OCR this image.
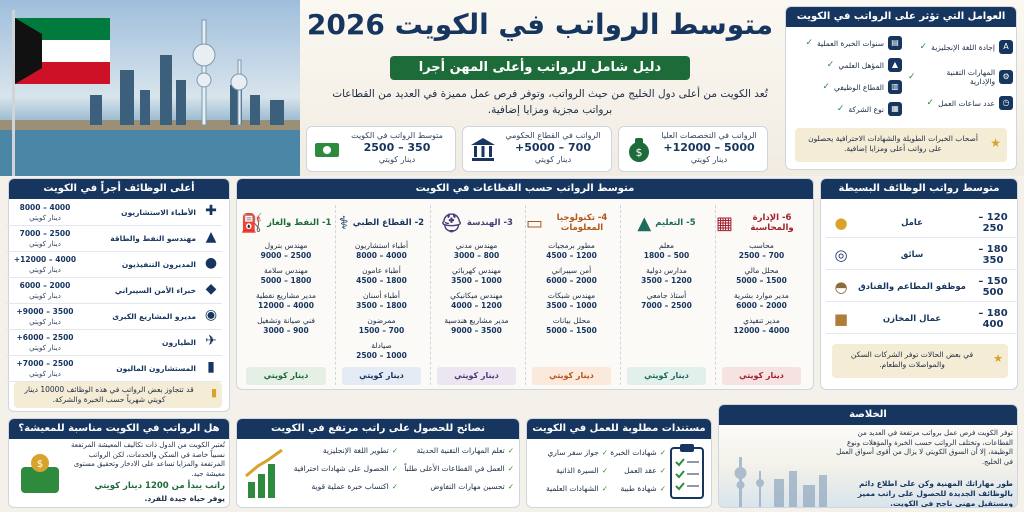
متوسط الرواتب في الكويت 2026
دليل شامل للرواتب وأعلى المهن أجرا
تُعد الكويت من أعلى دول الخليج من حيث الرواتب، وتوفر فرص عمل مميزة في العديد من القطاعات برواتب مجزية ومزايا إضافية.
$
الرواتب في التخصصات العليا
5000 – 12000+
دينار كويتي
الرواتب في القطاع الحكومي
700 – 5000+
دينار كويتي
متوسط الرواتب في الكويت
350 – 2500
دينار كويتي
العوامل التي تؤثر على الرواتب في الكويت
A
إجادة اللغة الإنجليزية
✓
⚙
المهارات التقنية والإدارية
✓
◷
عدد ساعات العمل
✓
▤
سنوات الخبرة العملية
✓
▲
المؤهل العلمي
✓
▥
القطاع الوظيفي
✓
▦
نوع الشركة
✓
أصحاب الخبرات الطويلة والشهادات الاحترافية يحصلون على رواتب أعلى ومزايا إضافية.	★
أعلى الوظائف أجراً في الكويت
✚
الأطباء الاستشاريون
4000 – 8000
دينار كويتي
▲
مهندسو النفط والطاقة
2500 – 7000
دينار كويتي
●
المديرون التنفيذيون
4000 – 12000+
دينار كويتي
◆
خبراء الأمن السيبراني
2000 – 6000
دينار كويتي
◉
مديرو المشاريع الكبرى
3500 – 9000+
دينار كويتي
✈
الطيارون
2500 – 6000+
دينار كويتي
▮
المستشارون الماليون
2500 – 7000+
دينار كويتي
قد تتجاوز بعض الرواتب في هذه الوظائف 10000 دينار كويتي شهرياً حسب الخبرة والشركة.
▮
متوسط الرواتب حسب القطاعات في الكويت
1- النفط والغاز
⛽
مهندس بترول
2500 – 9000
مهندس سلامة
1800 – 5000
مدير مشاريع نفطية
4000 – 12000
فني صيانة وتشغيل
900 – 3000
دينار كويتي
2- القطاع الطبي
⚕
أطباء استشاريون
4000 – 8000
أطباء عامون
1800 – 4500
أطباء أسنان
1800 – 3500
ممرضون
700 – 1500
صيادلة
1000 – 2500
دينار كويتي
3- الهندسة
⛑
مهندس مدني
800 – 3000
مهندس كهربائي
1000 – 3500
مهندس ميكانيكي
1200 – 4000
مدير مشاريع هندسية
3500 – 9000
دينار كويتي
4- تكنولوجيا المعلومات
▭
مطور برمجيات
1200 – 4500
أمن سيبراني
2000 – 6000
مهندس شبكات
1000 – 3500
محلل بيانات
1500 – 5000
دينار كويتي
5- التعليم
▲
معلم
500 – 1800
مدارس دولية
1200 – 3500
أستاذ جامعي
2500 – 7000
دينار كويتي
6- الإدارة والمحاسبة
▦
محاسب
700 – 2500
محلل مالي
1500 – 5000
مدير موارد بشرية
2000 – 6000
مدير تنفيذي
4000 – 12000
دينار كويتي
متوسط رواتب الوظائف البسيطة
120 – 250
عامل
●
180 – 350
سائق
◎
150 – 500
موظفو المطاعم والفنادق
◓
180 – 400
عمال المخازن
■
في بعض الحالات توفر الشركات السكن والمواصلات والطعام.	★
هل الرواتب في الكويت مناسبة للمعيشة؟
تُعتبر الكويت من الدول ذات تكاليف المعيشة المرتفعة نسبياً خاصة في السكن والخدمات، لكن الرواتب المرتفعة والمزايا تساعد على الادخار وتحقيق مستوى معيشة جيد.
راتب يبدأ من 1200 دينار كويتي
يوفر حياة جيدة للفرد.
$
نصائح للحصول على راتب مرتفع في الكويت
✓
تعلم المهارات التقنية الحديثة
✓
العمل في القطاعات الأعلى طلباً
✓
تحسين مهارات التفاوض
✓
تطوير اللغة الإنجليزية
✓
الحصول على شهادات احترافية
✓
اكتساب خبرة عملية قوية
مستندات مطلوبة للعمل في الكويت
✓
شهادات الخبرة
✓
عقد العمل
✓
شهادة طبية
✓
جواز سفر ساري
✓
السيرة الذاتية
✓
الشهادات العلمية
الخلاصة
توفر الكويت فرص عمل برواتب مرتفعة في العديد من القطاعات، وتختلف الرواتب حسب الخبرة والمؤهلات ونوع الوظيفة، إلا أن السوق الكويتي لا يزال من أقوى أسواق العمل في الخليج.
طور مهاراتك المهنية وكن على اطلاع دائم بالوظائف الجديدة للحصول على راتب مميز ومستقبل مهني ناجح في الكويت.
